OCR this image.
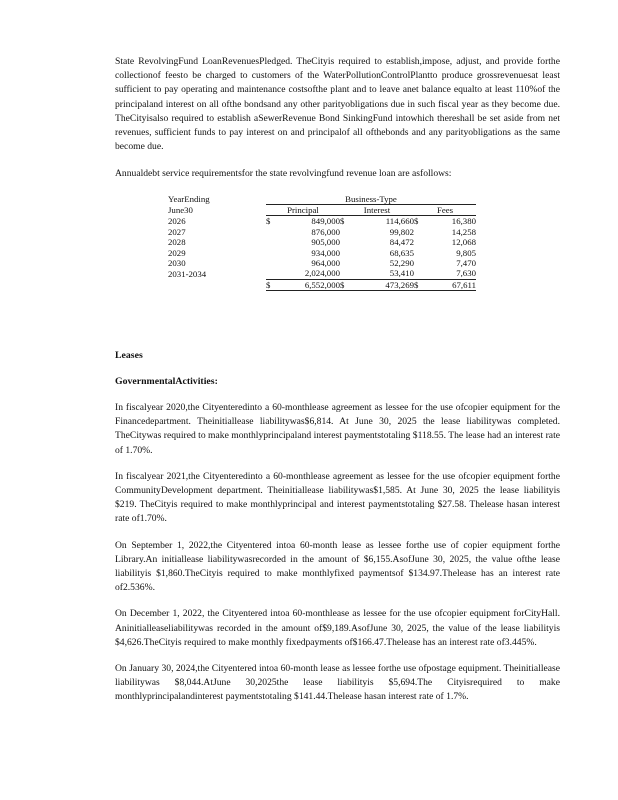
State RevolvingFund LoanRevenuesPledged. TheCityis required to establish,impose, adjust, and provide forthe collectionof feesto be charged to customers of the WaterPollutionControlPlantto produce grossrevenuesat least sufficient to pay operating and maintenance costsofthe plant and to leave anet balance equalto at least 110%of the principaland interest on all ofthe bondsand any other parityobligations due in such fiscal year as they become due. TheCityisalso required to establish aSewerRevenue Bond SinkingFund intowhich thereshall be set aside from net revenues, sufficient funds to pay interest on and principalof all ofthebonds and any parityobligations as the same become due.

Annualdebt service requirementsfor the state revolvingfund revenue loan are asfollows:

YearEnding	Business-Type					
June30	Principal		Interest		Fees	
2026	$	849,000	$	114,660	$	16,380
2027		876,000		99,802		14,258
2028		905,000		84,472		12,068
2029		934,000		68,635		9,805
2030		964,000		52,290		7,470
2031-2034		2,024,000		53,410		7,630
	$	6,552,000	$	473,269	$	67,611

Leases

GovernmentalActivities:

In fiscalyear 2020,the Cityenteredinto a 60-monthlease agreement as lessee for the use ofcopier equipment for the Financedepartment. Theinitiallease liabilitywas$6,814. At June 30, 2025 the lease liabilitywas completed. TheCitywas required to make monthlyprincipaland interest paymentstotaling $118.55. The lease had an interest rate of 1.70%.

In fiscalyear 2021,the Cityenteredinto a 60-monthlease agreement as lessee for the use ofcopier equipment forthe CommunityDevelopment department. Theinitiallease liabilitywas$1,585. At June 30, 2025 the lease liabilityis $219. TheCityis required to make monthlyprincipal and interest paymentstotaling $27.58. Thelease hasan interest rate of1.70%.

On September 1, 2022,the Cityentered intoa 60-month lease as lessee forthe use of copier equipment forthe Library.An initiallease liabilitywasrecorded in the amount of $6,155.AsofJune 30, 2025, the value ofthe lease liabilityis $1,860.TheCityis required to make monthlyfixed paymentsof $134.97.Thelease has an interest rate of2.536%.

On December 1, 2022, the Cityentered intoa 60-monthlease as lessee for the use ofcopier equipment forCityHall. Aninitialleaseliabilitywas recorded in the amount of$9,189.AsofJune 30, 2025, the value of the lease liabilityis $4,626.TheCityis required to make monthly fixedpayments of$166.47.Thelease has an interest rate of3.445%.

On January 30, 2024,the Cityentered intoa 60-month lease as lessee forthe use ofpostage equipment. Theinitiallease liabilitywas $8,044.AtJune 30,2025the lease liabilityis $5,694.The Cityisrequired to make monthlyprincipalandinterest paymentstotaling $141.44.Thelease hasan interest rate of 1.7%.
